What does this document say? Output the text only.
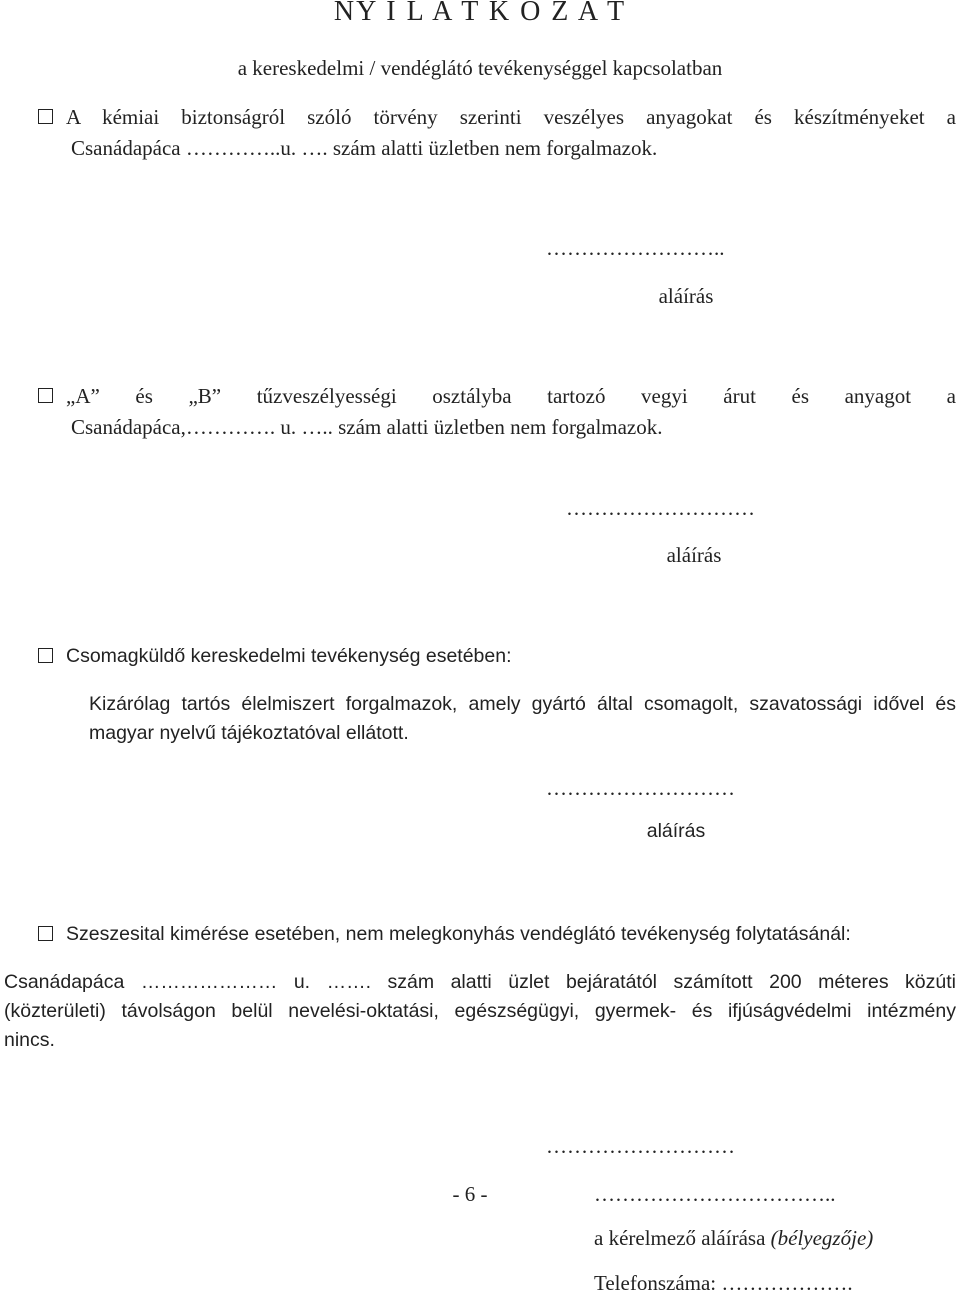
NY I L A T K O Z A T
a kereskedelmi / vendéglátó tevékenységgel kapcsolatban
A kémiai biztonságról szóló törvény szerinti veszélyes anyagokat és készítményeket a
Csanádapáca …………..u. …. szám alatti üzletben nem forgalmazok.
……………………..
aláírás
„A” és „B” tűzveszélyességi osztályba tartozó vegyi árut és anyagot a
Csanádapáca,…………. u. ….. szám alatti üzletben nem forgalmazok.
………………………
aláírás
Csomagküldő kereskedelmi tevékenység esetében:
Kizárólag tartós élelmiszert forgalmazok, amely gyártó által csomagolt, szavatossági idővel és
magyar nyelvű tájékoztatóval ellátott.
………………………
aláírás
Szeszesital kimérése esetében, nem melegkonyhás vendéglátó tevékenység folytatásánál:
Csanádapáca ………………… u. ……. szám alatti üzlet bejáratától számított 200 méteres közúti
(közterületi) távolságon belül nevelési-oktatási, egészségügyi, gyermek- és ifjúságvédelmi intézmény
nincs.
………………………
- 6 -	……………………………..
a kérelmező aláírása (bélyegzője)
Telefonszáma: ……………….
